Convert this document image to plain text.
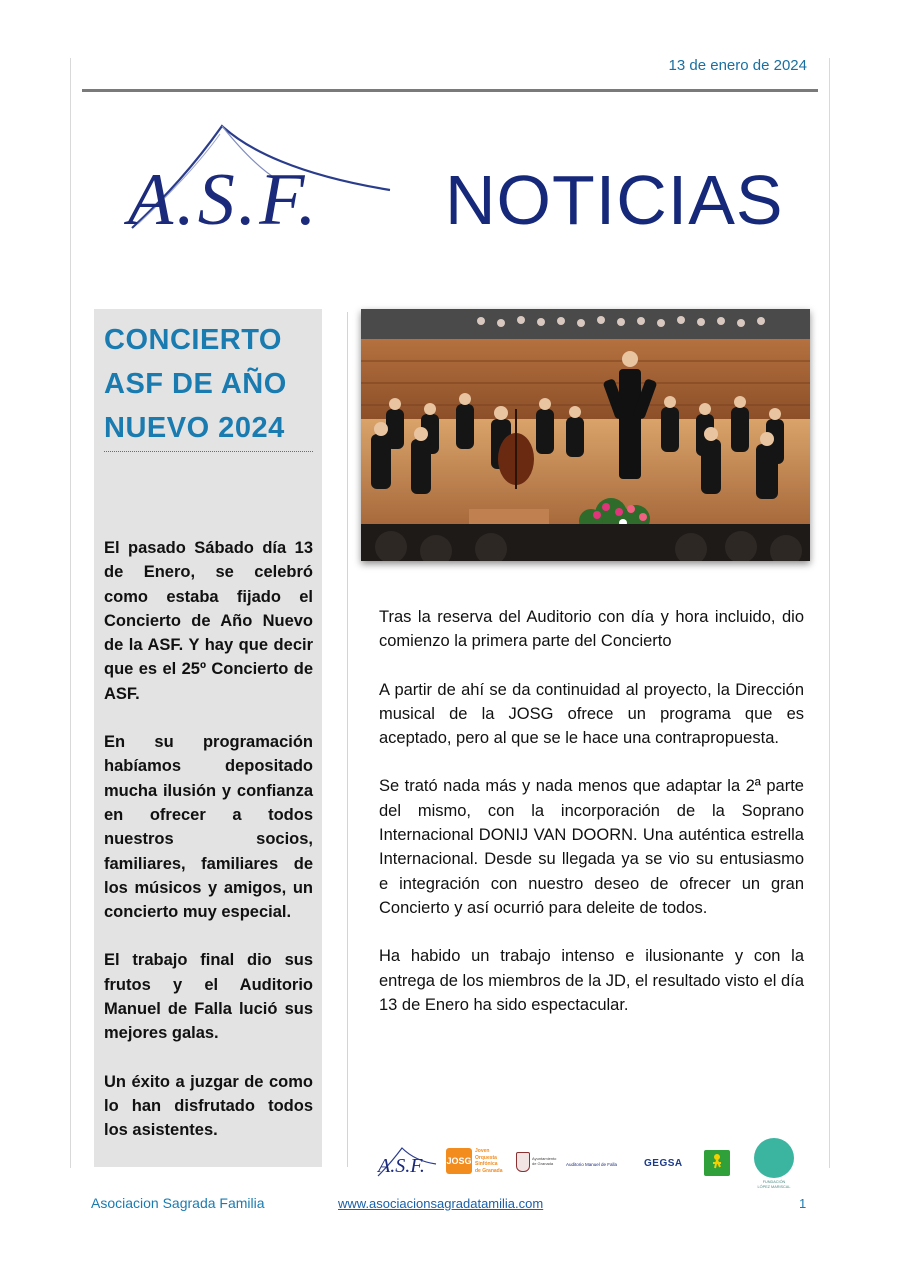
13 de enero de 2024
A.S.F. NOTICIAS
CONCIERTO
ASF DE AÑO
NUEVO 2024

El pasado Sábado día 13 de Enero, se celebró como estaba fijado el Concierto de Año Nuevo de la ASF. Y hay que decir que es el 25º Concierto de ASF.

En su programación habíamos depositado mucha ilusión y confianza en ofrecer a todos nuestros socios, familiares, familiares de los músicos y amigos, un concierto muy especial.

El trabajo final dio sus frutos y el Auditorio Manuel de Falla lució sus mejores galas.

Un éxito a juzgar de como lo han disfrutado todos los asistentes.

Tras la reserva del Auditorio con día y hora incluido, dio comienzo la primera parte del Concierto

A partir de ahí se da continuidad al proyecto, la Dirección musical de la JOSG ofrece un programa que es aceptado, pero al que se le hace una contrapropuesta.

Se trató nada más y nada menos que adaptar la 2ª parte del mismo, con la incorporación de la Soprano Internacional DONIJ VAN DOORN. Una auténtica estrella Internacional. Desde su llegada ya se vio su entusiasmo e integración con nuestro deseo de ofrecer un gran Concierto y así ocurrió para deleite de todos.

Ha habido un trabajo intenso e ilusionante y con la entrega de los miembros de la JD, el resultado visto el día 13 de Enero ha sido espectacular.

A.S.F. JOSG
Joven
Orquesta
Sinfónica
de Granada
Ayuntamiento
de Granada	Auditorio Manuel de Falla	GEGSA
FUNDACIÓN
LÓPEZ MARISCAL
Asociacion Sagrada Familia	www.asociacionsagradatamilia.com	1
